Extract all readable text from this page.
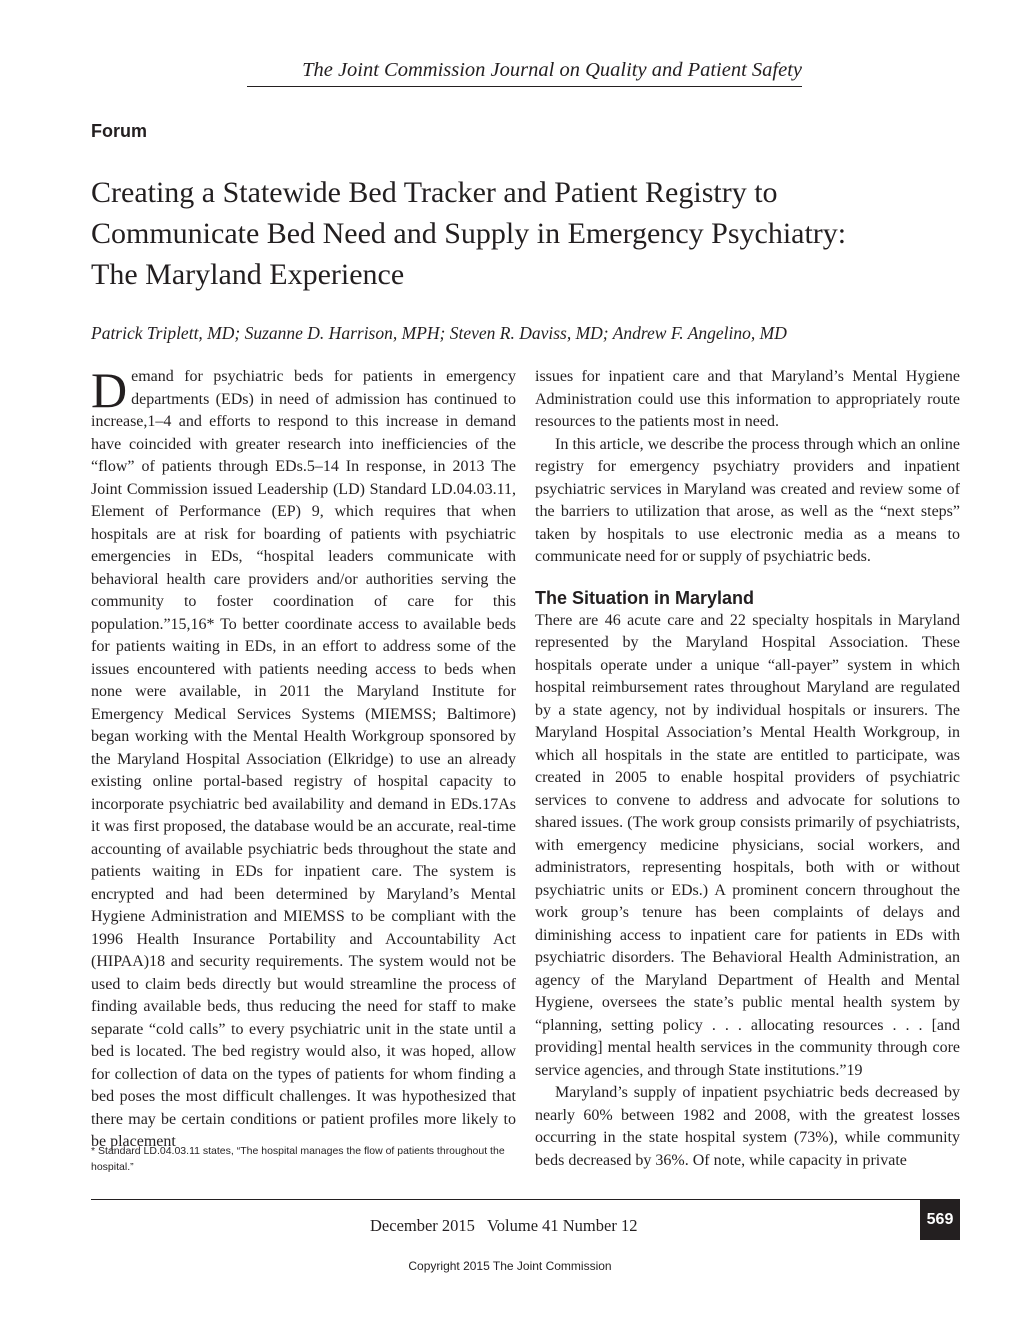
The Joint Commission Journal on Quality and Patient Safety
Forum
Creating a Statewide Bed Tracker and Patient Registry to
Communicate Bed Need and Supply in Emergency Psychiatry:
The Maryland Experience
Patrick Triplett, MD; Suzanne D. Harrison, MPH; Steven R. Daviss, MD; Andrew F. Angelino, MD

Demand for psychiatric beds for patients in emergency departments (EDs) in need of admission has continued to increase,1–4 and efforts to respond to this increase in demand have coincided with greater research into inefficiencies of the “flow” of patients through EDs.5–14 In response, in 2013 The Joint Commission issued Leadership (LD) Standard LD.04.03.11, Element of Performance (EP) 9, which requires that when hospitals are at risk for boarding of patients with psychiatric emergencies in EDs, “hospital leaders communicate with behavioral health care providers and/or authorities serving the community to foster coordination of care for this population.”15,16* To better coordinate access to available beds for patients waiting in EDs, in an effort to address some of the issues encountered with patients needing access to beds when none were available, in 2011 the Maryland Institute for Emergency Medical Services Systems (MIEMSS; Baltimore) began working with the Mental Health Workgroup sponsored by the Maryland Hospital Association (Elkridge) to use an already existing online portal-based registry of hospital capacity to incorporate psychiatric bed availability and demand in EDs.17As it was first proposed, the database would be an accurate, real-time accounting of available psychiatric beds throughout the state and patients waiting in EDs for inpatient care. The system is encrypted and had been determined by Maryland’s Mental Hygiene Administration and MIEMSS to be compliant with the 1996 Health Insurance Portability and Accountability Act (HIPAA)18 and security requirements. The system would not be used to claim beds directly but would streamline the process of finding available beds, thus reducing the need for staff to make separate “cold calls” to every psychiatric unit in the state until a bed is located. The bed registry would also, it was hoped, allow for collection of data on the types of patients for whom finding a bed poses the most difficult challenges. It was hypothesized that there may be certain conditions or patient profiles more likely to be placement

issues for inpatient care and that Maryland’s Mental Hygiene Administration could use this information to appropriately route resources to the patients most in need.

In this article, we describe the process through which an online registry for emergency psychiatry providers and inpatient psychiatric services in Maryland was created and review some of the barriers to utilization that arose, as well as the “next steps” taken by hospitals to use electronic media as a means to communicate need for or supply of psychiatric beds.

The Situation in Maryland

There are 46 acute care and 22 specialty hospitals in Maryland represented by the Maryland Hospital Association. These hospitals operate under a unique “all-payer” system in which hospital reimbursement rates throughout Maryland are regulated by a state agency, not by individual hospitals or insurers. The Maryland Hospital Association’s Mental Health Workgroup, in which all hospitals in the state are entitled to participate, was created in 2005 to enable hospital providers of psychiatric services to convene to address and advocate for solutions to shared issues. (The work group consists primarily of psychiatrists, with emergency medicine physicians, social workers, and administrators, representing hospitals, both with or without psychiatric units or EDs.) A prominent concern throughout the work group’s tenure has been complaints of delays and diminishing access to inpatient care for patients in EDs with psychiatric disorders. The Behavioral Health Administration, an agency of the Maryland Department of Health and Mental Hygiene, oversees the state’s public mental health system by “planning, setting policy . . . allocating resources . . . [and providing] mental health services in the community through core service agencies, and through State institutions.”19

Maryland’s supply of inpatient psychiatric beds decreased by nearly 60% between 1982 and 2008, with the greatest losses occurring in the state hospital system (73%), while community beds decreased by 36%. Of note, while capacity in private

* Standard LD.04.03.11 states, “The hospital manages the flow of patients throughout the hospital.”
December 2015   Volume 41 Number 12	569
Copyright 2015 The Joint Commission
